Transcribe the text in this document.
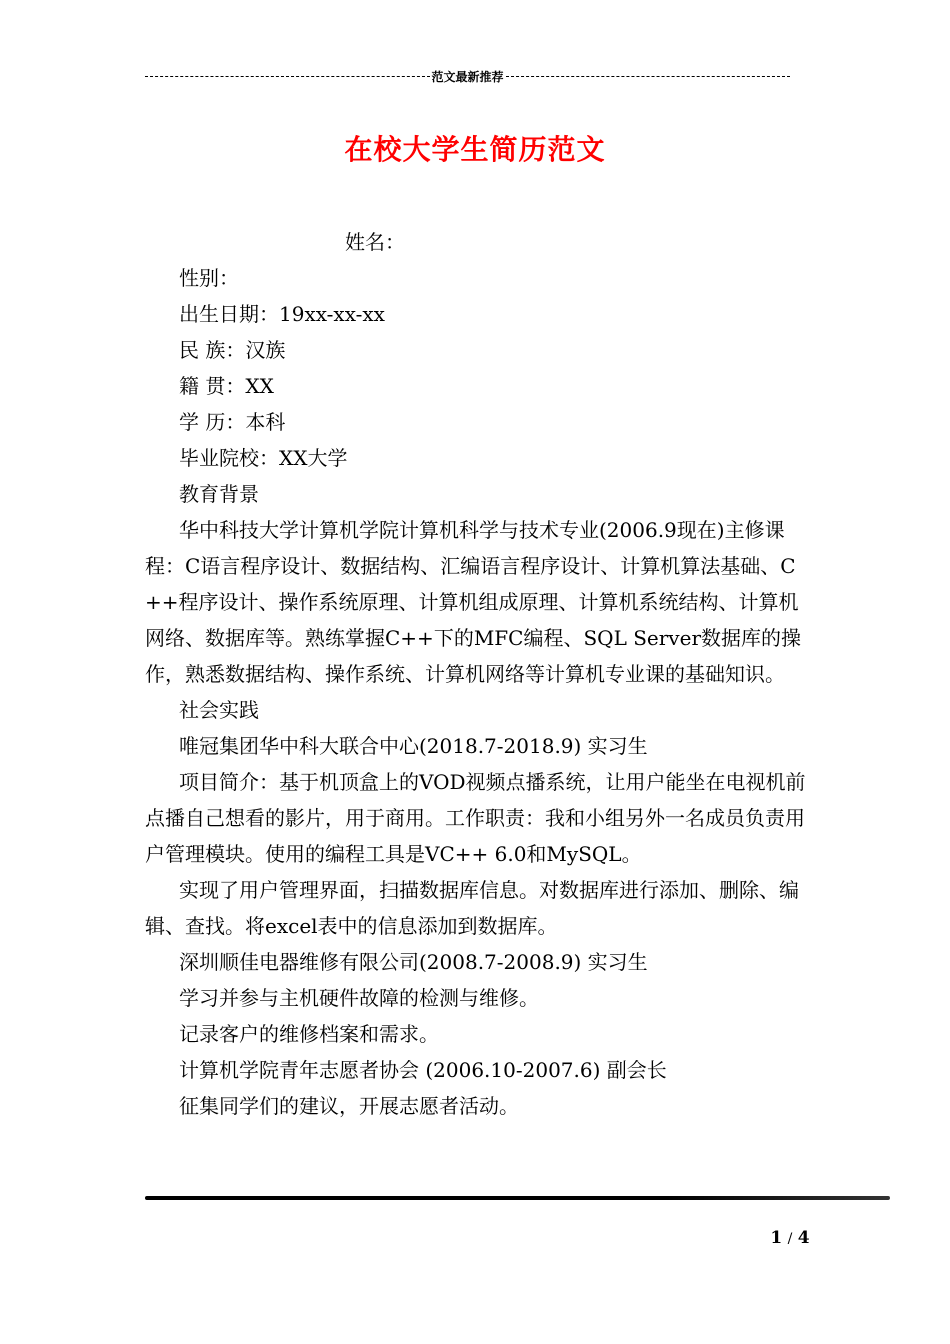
范文最新推荐
在校大学生简历范文

姓名：

性别：

出生日期：19xx-xx-xx

民 族：汉族

籍 贯：XX

学 历：本科

毕业院校：XX大学

教育背景

华中科技大学计算机学院计算机科学与技术专业(2006.9现在)主修课程：C语言程序设计、数据结构、汇编语言程序设计、计算机算法基础、C++程序设计、操作系统原理、计算机组成原理、计算机系统结构、计算机网络、数据库等。熟练掌握C++下的MFC编程、SQL Server数据库的操作，熟悉数据结构、操作系统、计算机网络等计算机专业课的基础知识。

社会实践

唯冠集团华中科大联合中心(2018.7-2018.9) 实习生

项目简介：基于机顶盒上的VOD视频点播系统，让用户能坐在电视机前点播自己想看的影片，用于商用。工作职责：我和小组另外一名成员负责用户管理模块。使用的编程工具是VC++ 6.0和MySQL。

实现了用户管理界面，扫描数据库信息。对数据库进行添加、删除、编辑、查找。将excel表中的信息添加到数据库。

深圳顺佳电器维修有限公司(2008.7-2008.9) 实习生

学习并参与主机硬件故障的检测与维修。

记录客户的维修档案和需求。

计算机学院青年志愿者协会 (2006.10-2007.6) 副会长

征集同学们的建议，开展志愿者活动。

1 / 4
